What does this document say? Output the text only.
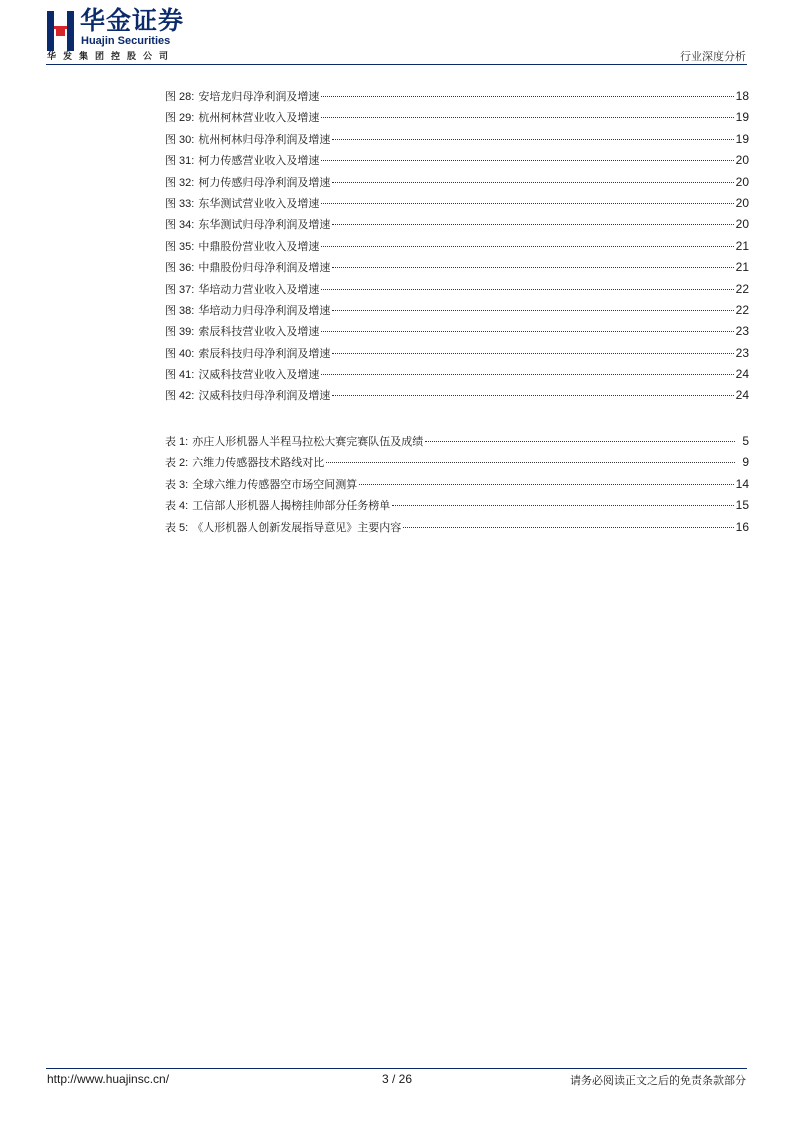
华金证券
Huajin Securities
华发集团控股公司	行业深度分析
图 28: 安培龙归母净利润及增速	18
图 29: 杭州柯林营业收入及增速	19
图 30: 杭州柯林归母净利润及增速	19
图 31: 柯力传感营业收入及增速	20
图 32: 柯力传感归母净利润及增速	20
图 33: 东华测试营业收入及增速	20
图 34: 东华测试归母净利润及增速	20
图 35: 中鼎股份营业收入及增速	21
图 36: 中鼎股份归母净利润及增速	21
图 37: 华培动力营业收入及增速	22
图 38: 华培动力归母净利润及增速	22
图 39: 索辰科技营业收入及增速	23
图 40: 索辰科技归母净利润及增速	23
图 41: 汉威科技营业收入及增速	24
图 42: 汉威科技归母净利润及增速	24
表 1: 亦庄人形机器人半程马拉松大赛完赛队伍及成绩	5
表 2: 六维力传感器技术路线对比	9
表 3: 全球六维力传感器空市场空间测算	14
表 4: 工信部人形机器人揭榜挂帅部分任务榜单	15
表 5: 《人形机器人创新发展指导意见》主要内容	16
http://www.huajinsc.cn/	3 / 26	请务必阅读正文之后的免责条款部分
